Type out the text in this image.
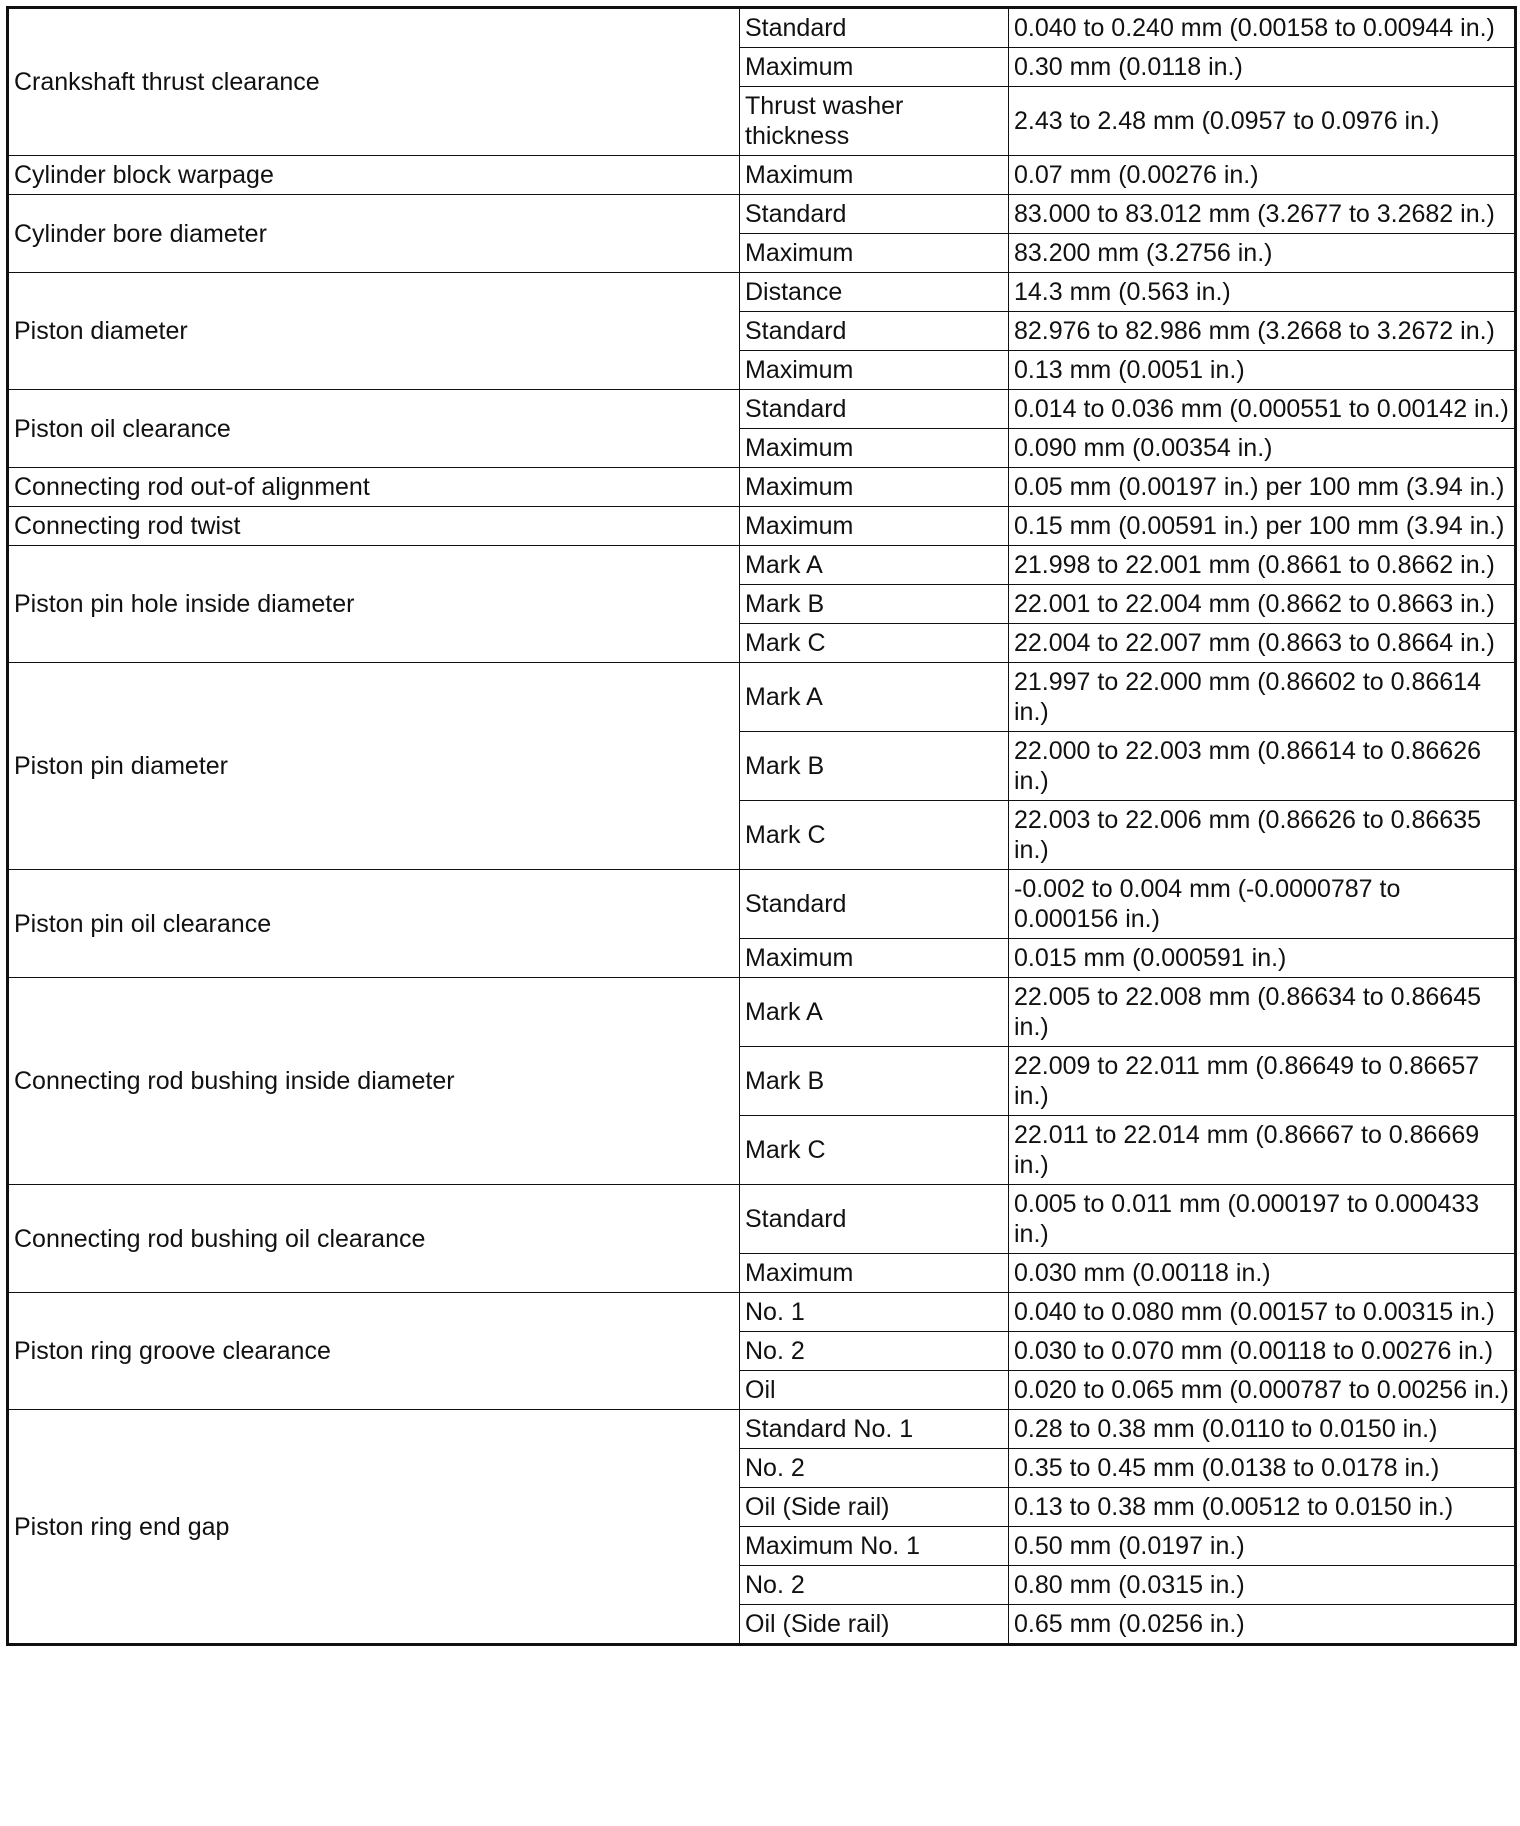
Crankshaft thrust clearance	Standard	0.040 to 0.240 mm (0.00158 to 0.00944 in.)
	Maximum	0.30 mm (0.0118 in.)
	Thrust washer thickness	2.43 to 2.48 mm (0.0957 to 0.0976 in.)
Cylinder block warpage	Maximum	0.07 mm (0.00276 in.)
Cylinder bore diameter	Standard	83.000 to 83.012 mm (3.2677 to 3.2682 in.)
	Maximum	83.200 mm (3.2756 in.)
Piston diameter	Distance	14.3 mm (0.563 in.)
	Standard	82.976 to 82.986 mm (3.2668 to 3.2672 in.)
	Maximum	0.13 mm (0.0051 in.)
Piston oil clearance	Standard	0.014 to 0.036 mm (0.000551 to 0.00142 in.)
	Maximum	0.090 mm (0.00354 in.)
Connecting rod out-of alignment	Maximum	0.05 mm (0.00197 in.) per 100 mm (3.94 in.)
Connecting rod twist	Maximum	0.15 mm (0.00591 in.) per 100 mm (3.94 in.)
Piston pin hole inside diameter	Mark A	21.998 to 22.001 mm (0.8661 to 0.8662 in.)
	Mark B	22.001 to 22.004 mm (0.8662 to 0.8663 in.)
	Mark C	22.004 to 22.007 mm (0.8663 to 0.8664 in.)
Piston pin diameter	Mark A	21.997 to 22.000 mm (0.86602 to 0.86614 in.)
	Mark B	22.000 to 22.003 mm (0.86614 to 0.86626 in.)
	Mark C	22.003 to 22.006 mm (0.86626 to 0.86635 in.)
Piston pin oil clearance	Standard	-0.002 to 0.004 mm (-0.0000787 to 0.000156 in.)
	Maximum	0.015 mm (0.000591 in.)
Connecting rod bushing inside diameter	Mark A	22.005 to 22.008 mm (0.86634 to 0.86645 in.)
	Mark B	22.009 to 22.011 mm (0.86649 to 0.86657 in.)
	Mark C	22.011 to 22.014 mm (0.86667 to 0.86669 in.)
Connecting rod bushing oil clearance	Standard	0.005 to 0.011 mm (0.000197 to 0.000433 in.)
	Maximum	0.030 mm (0.00118 in.)
Piston ring groove clearance	No. 1	0.040 to 0.080 mm (0.00157 to 0.00315 in.)
	No. 2	0.030 to 0.070 mm (0.00118 to 0.00276 in.)
	Oil	0.020 to 0.065 mm (0.000787 to 0.00256 in.)
Piston ring end gap	Standard No. 1	0.28 to 0.38 mm (0.0110 to 0.0150 in.)
	No. 2	0.35 to 0.45 mm (0.0138 to 0.0178 in.)
	Oil (Side rail)	0.13 to 0.38 mm (0.00512 to 0.0150 in.)
	Maximum No. 1	0.50 mm (0.0197 in.)
	No. 2	0.80 mm (0.0315 in.)
	Oil (Side rail)	0.65 mm (0.0256 in.)
